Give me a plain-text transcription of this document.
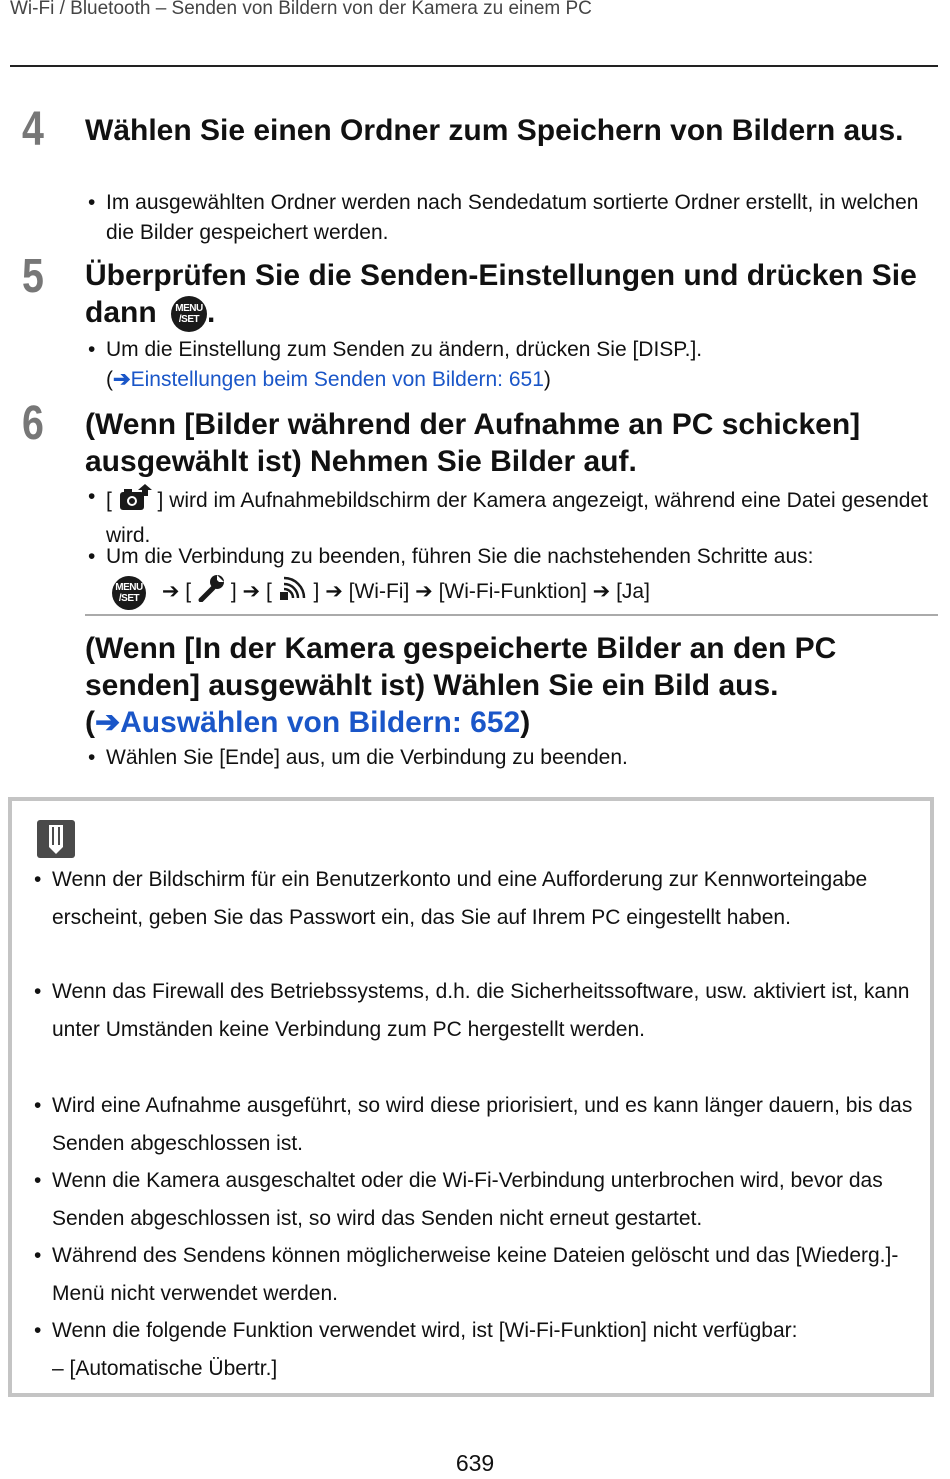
Wi-Fi / Bluetooth – Senden von Bildern von der Kamera zu einem PC
4 Wählen Sie einen Ordner zum Speichern von Bildern aus.
• Im ausgewählten Ordner werden nach Sendedatum sortierte Ordner erstellt, in welchen die Bilder gespeichert werden.
5 Überprüfen Sie die Senden-Einstellungen und drücken Sie dann MENU
/SET .
• Um die Einstellung zum Senden zu ändern, drücken Sie [DISP.].
(➔Einstellungen beim Senden von Bildern: 651)
6 (Wenn [Bilder während der Aufnahme an PC schicken] ausgewählt ist) Nehmen Sie Bilder auf.
• [ ] wird im Aufnahmebildschirm der Kamera angezeigt, während eine Datei gesendet wird.
• Um die Verbindung zu beenden, führen Sie die nachstehenden Schritte aus:
MENU
/SET ➔ [ ] ➔ [ ] ➔ [Wi-Fi] ➔ [Wi-Fi-Funktion] ➔ [Ja]
(Wenn [In der Kamera gespeicherte Bilder an den PC senden] ausgewählt ist) Wählen Sie ein Bild aus.
(➔Auswählen von Bildern: 652)
• Wählen Sie [Ende] aus, um die Verbindung zu beenden.
• Wenn der Bildschirm für ein Benutzerkonto und eine Aufforderung zur Kennworteingabe erscheint, geben Sie das Passwort ein, das Sie auf Ihrem PC eingestellt haben.
• Wenn das Firewall des Betriebssystems, d.h. die Sicherheitssoftware, usw. aktiviert ist, kann unter Umständen keine Verbindung zum PC hergestellt werden.
• Wird eine Aufnahme ausgeführt, so wird diese priorisiert, und es kann länger dauern, bis das Senden abgeschlossen ist.
• Wenn die Kamera ausgeschaltet oder die Wi-Fi-Verbindung unterbrochen wird, bevor das Senden abgeschlossen ist, so wird das Senden nicht erneut gestartet.
• Während des Sendens können möglicherweise keine Dateien gelöscht und das [Wiederg.]-Menü nicht verwendet werden.
• Wenn die folgende Funktion verwendet wird, ist [Wi-Fi-Funktion] nicht verfügbar:
– [Automatische Übertr.]
639
